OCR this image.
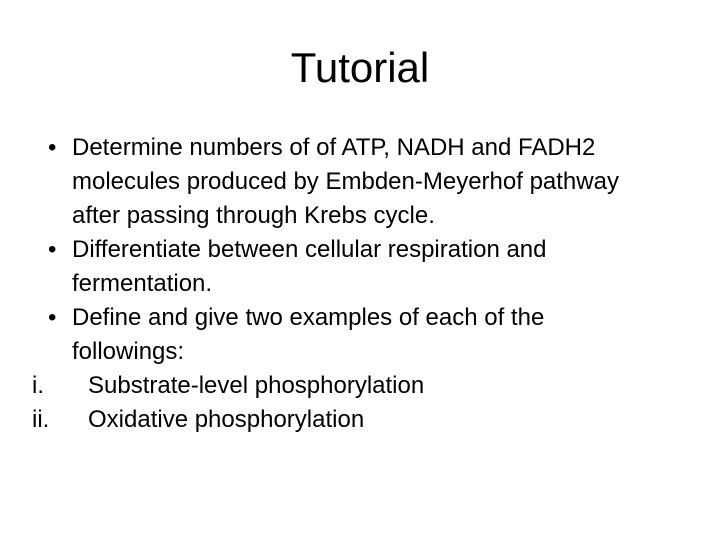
Tutorial

• Determine numbers of of ATP, NADH and FADH2 molecules produced by Embden-Meyerhof pathway after passing through Krebs cycle.

• Differentiate between cellular respiration and fermentation.

• Define and give two examples of each of the followings:

i. Substrate-level phosphorylation

ii. Oxidative phosphorylation
